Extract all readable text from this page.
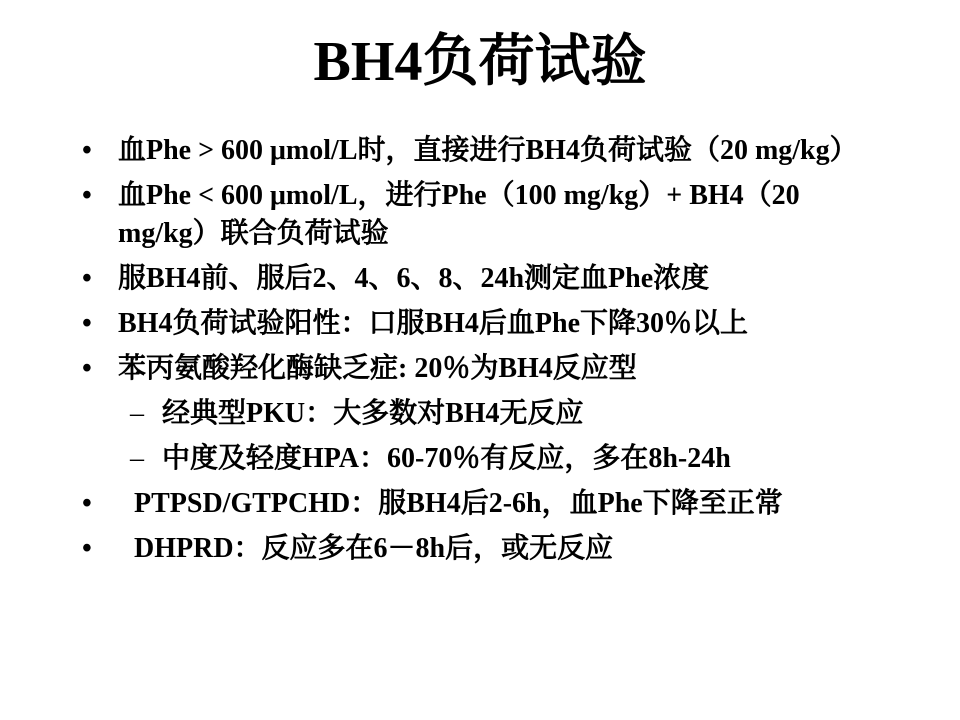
BH4负荷试验
• 血Phe > 600 μmol/L时，直接进行BH4负荷试验（20 mg/kg）
• 血Phe < 600 μmol/L，进行Phe（100 mg/kg）+ BH4（20 mg/kg）联合负荷试验
• 服BH4前、服后2、4、6、8、24h测定血Phe浓度
• BH4负荷试验阳性：口服BH4后血Phe下降30％以上
• 苯丙氨酸羟化酶缺乏症: 20％为BH4反应型
– 经典型PKU：大多数对BH4无反应
– 中度及轻度HPA：60-70％有反应，多在8h-24h
• PTPSD/GTPCHD：服BH4后2-6h，血Phe下降至正常
• DHPRD：反应多在6－8h后，或无反应
